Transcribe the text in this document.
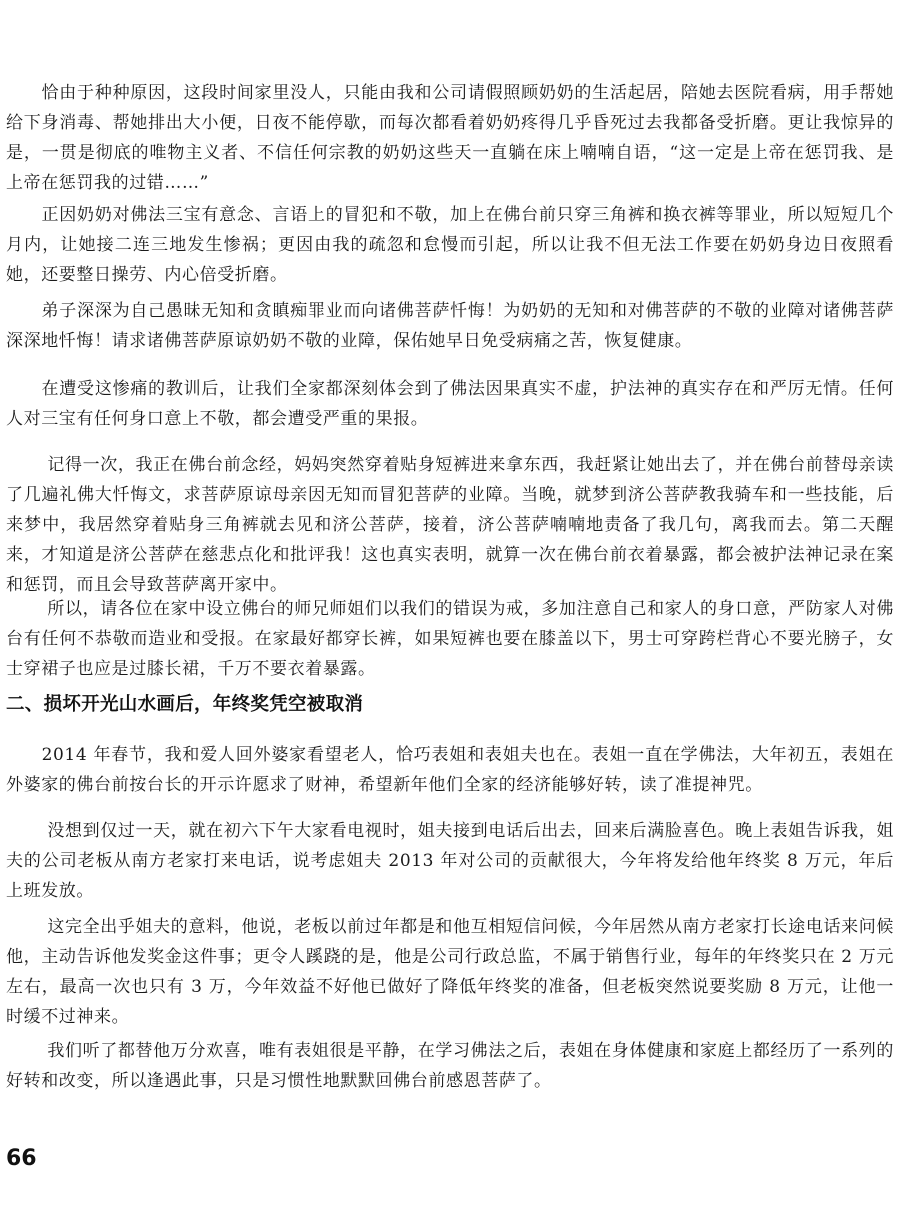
　　恰由于种种原因，这段时间家里没人，只能由我和公司请假照顾奶奶的生活起居，陪她去医院看病，用手帮她给下身消毒、帮她排出大小便，日夜不能停歇，而每次都看着奶奶疼得几乎昏死过去我都备受折磨。更让我惊异的是，一贯是彻底的唯物主义者、不信任何宗教的奶奶这些天一直躺在床上喃喃自语，“这一定是上帝在惩罚我、是上帝在惩罚我的过错……”

　　正因奶奶对佛法三宝有意念、言语上的冒犯和不敬，加上在佛台前只穿三角裤和换衣裤等罪业，所以短短几个月内，让她接二连三地发生惨祸；更因由我的疏忽和怠慢而引起，所以让我不但无法工作要在奶奶身边日夜照看她，还要整日操劳、内心倍受折磨。

　　弟子深深为自己愚昧无知和贪瞋痴罪业而向诸佛菩萨忏悔！为奶奶的无知和对佛菩萨的不敬的业障对诸佛菩萨深深地忏悔！请求诸佛菩萨原谅奶奶不敬的业障，保佑她早日免受病痛之苦，恢复健康。

　　在遭受这惨痛的教训后，让我们全家都深刻体会到了佛法因果真实不虚，护法神的真实存在和严厉无情。任何人对三宝有任何身口意上不敬，都会遭受严重的果报。

　　 记得一次，我正在佛台前念经，妈妈突然穿着贴身短裤进来拿东西，我赶紧让她出去了，并在佛台前替母亲读了几遍礼佛大忏悔文，求菩萨原谅母亲因无知而冒犯菩萨的业障。当晚，就梦到济公菩萨教我骑车和一些技能，后来梦中，我居然穿着贴身三角裤就去见和济公菩萨，接着，济公菩萨喃喃地责备了我几句，离我而去。第二天醒来，才知道是济公菩萨在慈悲点化和批评我！这也真实表明，就算一次在佛台前衣着暴露，都会被护法神记录在案和惩罚，而且会导致菩萨离开家中。

　　 所以，请各位在家中设立佛台的师兄师姐们以我们的错误为戒，多加注意自己和家人的身口意，严防家人对佛台有任何不恭敬而造业和受报。在家最好都穿长裤，如果短裤也要在膝盖以下，男士可穿跨栏背心不要光膀子，女士穿裙子也应是过膝长裙，千万不要衣着暴露。

二、损坏开光山水画后，年终奖凭空被取消

　　2014 年春节，我和爱人回外婆家看望老人，恰巧表姐和表姐夫也在。表姐一直在学佛法，大年初五，表姐在外婆家的佛台前按台长的开示许愿求了财神，希望新年他们全家的经济能够好转，读了准提神咒。

　　 没想到仅过一天，就在初六下午大家看电视时，姐夫接到电话后出去，回来后满脸喜色。晚上表姐告诉我，姐夫的公司老板从南方老家打来电话，说考虑姐夫 2013 年对公司的贡献很大，今年将发给他年终奖 8 万元，年后上班发放。

　　 这完全出乎姐夫的意料，他说，老板以前过年都是和他互相短信问候，今年居然从南方老家打长途电话来问候他，主动告诉他发奖金这件事；更令人蹊跷的是，他是公司行政总监，不属于销售行业，每年的年终奖只在 2 万元左右，最高一次也只有 3 万，今年效益不好他已做好了降低年终奖的准备，但老板突然说要奖励 8 万元，让他一时缓不过神来。

　　 我们听了都替他万分欢喜，唯有表姐很是平静，在学习佛法之后，表姐在身体健康和家庭上都经历了一系列的好转和改变，所以逢遇此事，只是习惯性地默默回佛台前感恩菩萨了。

66
